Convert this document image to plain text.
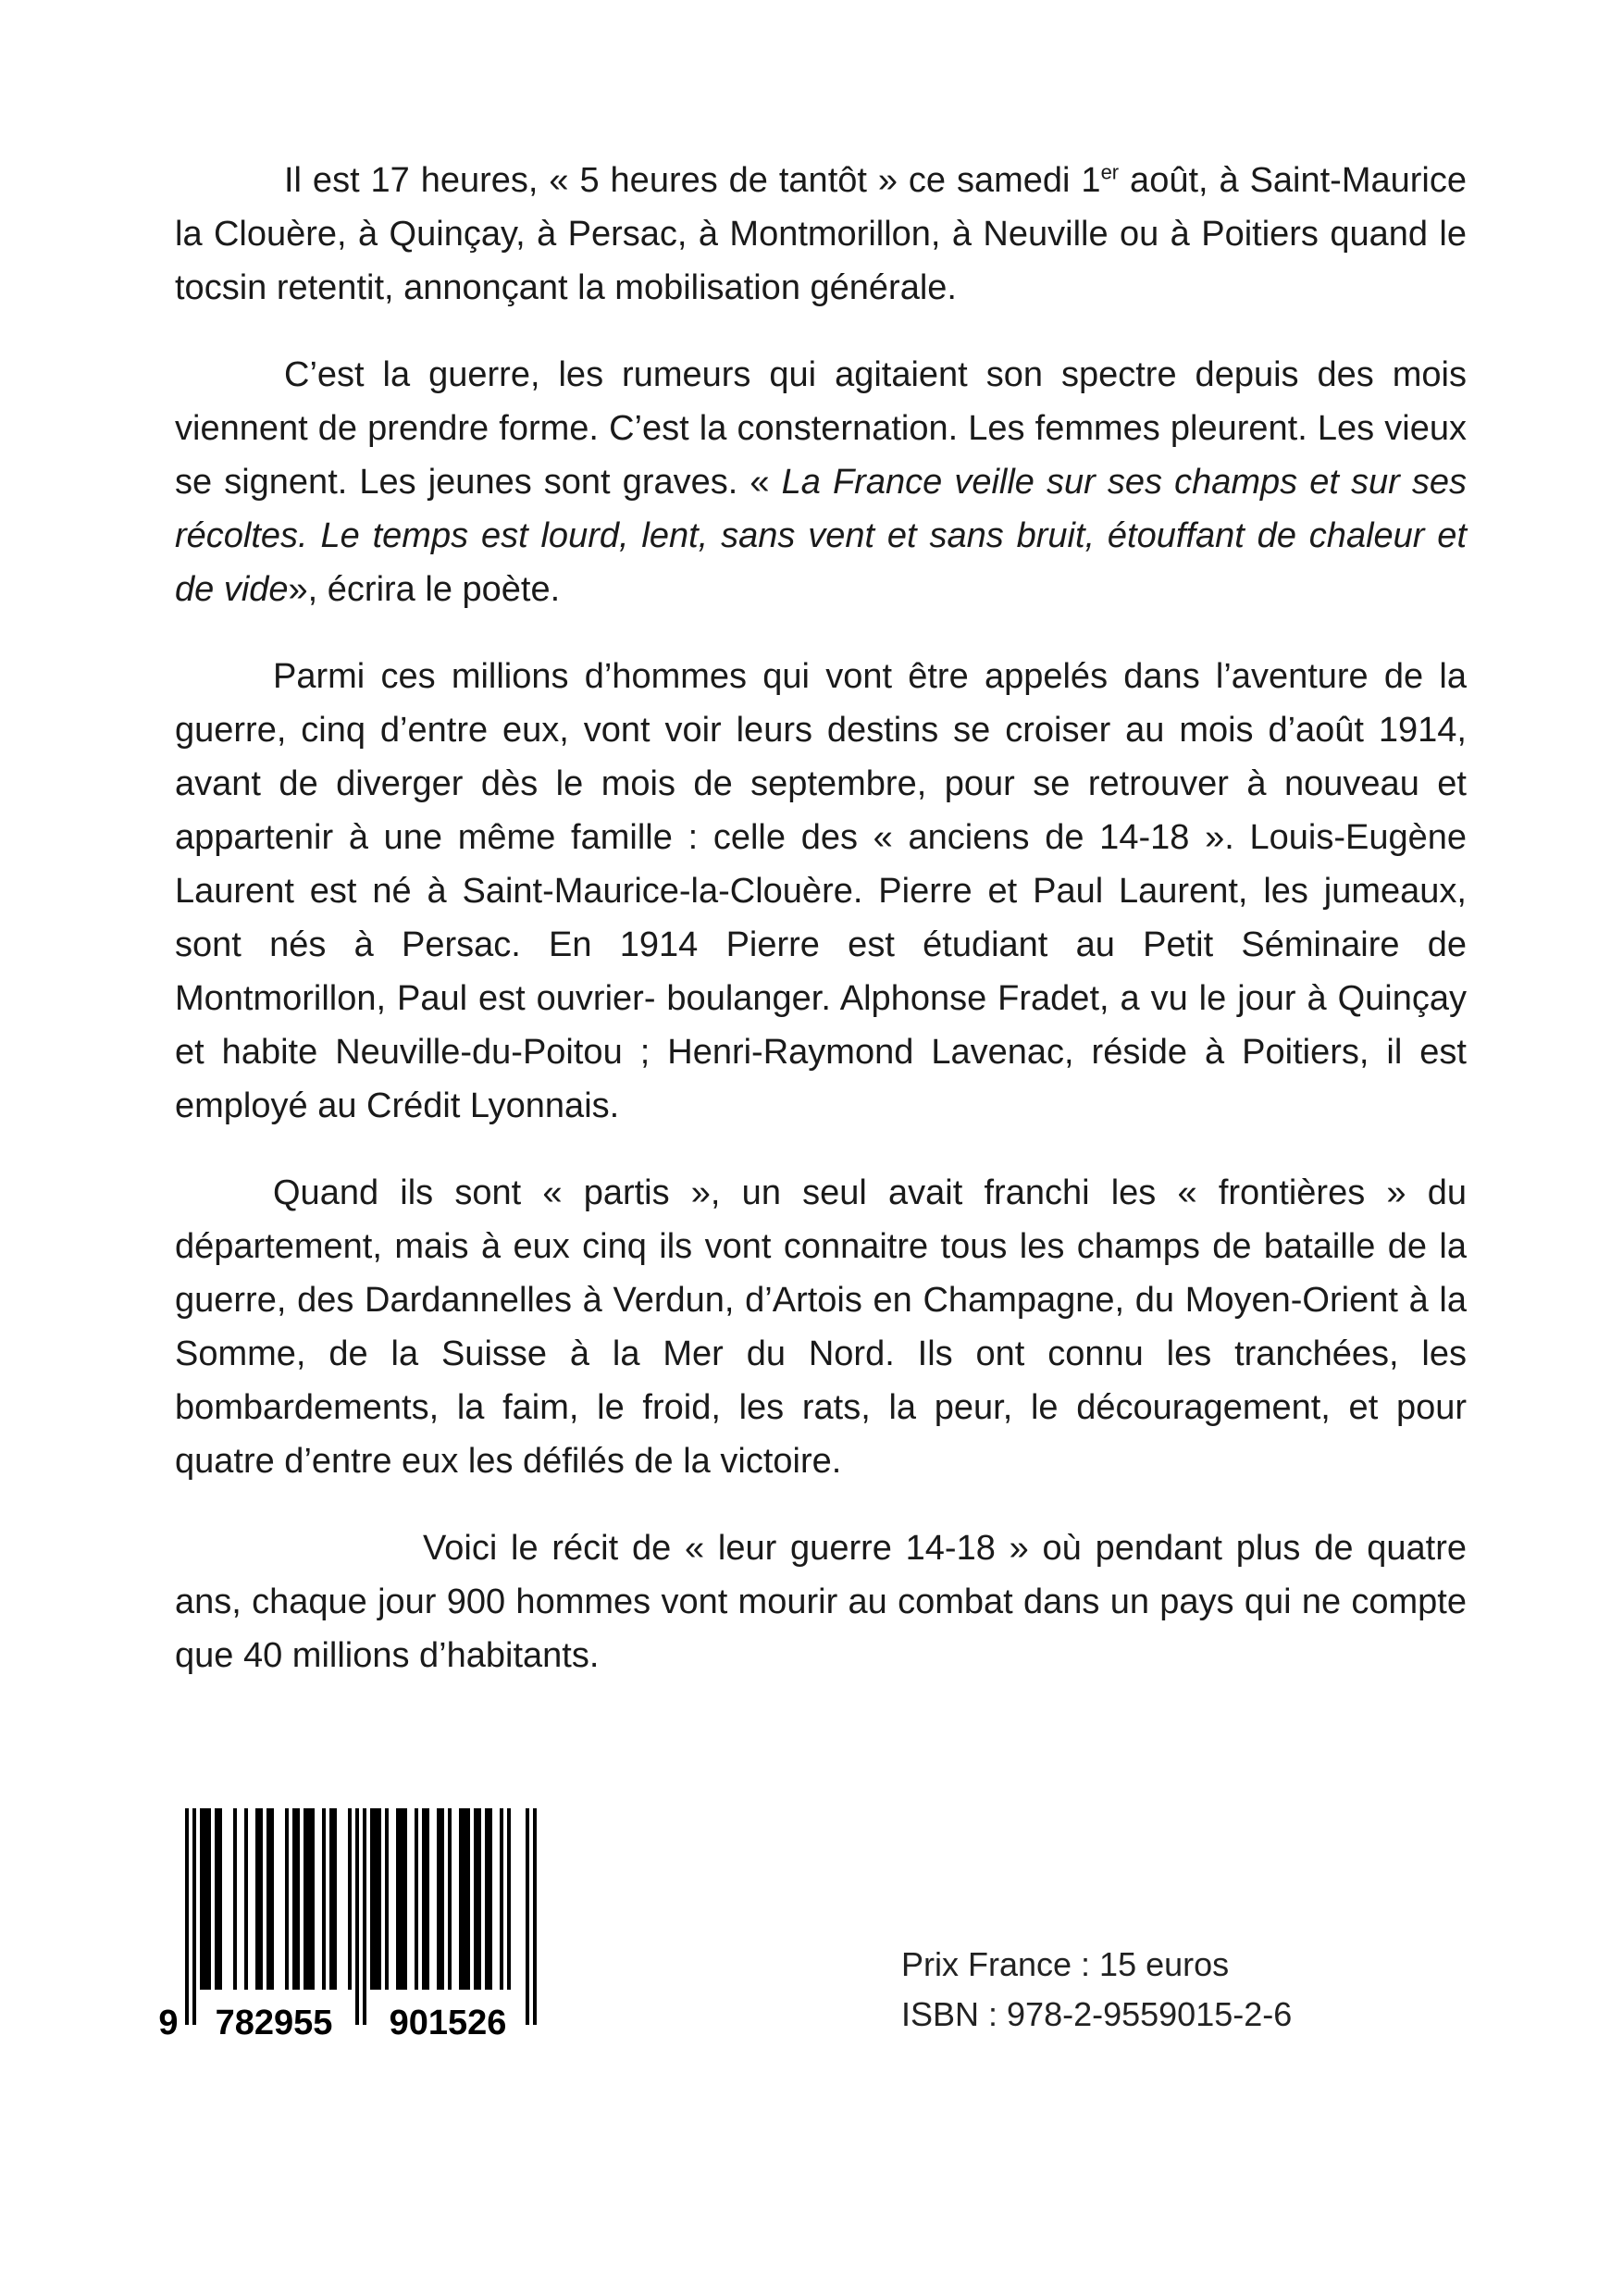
Il est 17 heures, « 5 heures de tantôt » ce samedi 1er août, à Saint-Maurice la Clouère, à Quinçay, à Persac, à Montmorillon, à Neuville ou à Poitiers quand le tocsin retentit, annonçant la mobilisation générale.

C’est la guerre, les rumeurs qui agitaient son spectre depuis des mois viennent de prendre forme. C’est la consternation. Les femmes pleurent. Les vieux se signent. Les jeunes sont graves. « La France veille sur ses champs et sur ses récoltes. Le temps est lourd, lent, sans vent et sans bruit, étouffant de chaleur et de vide», écrira le poète.

Parmi ces millions d’hommes qui vont être appelés dans l’aventure de la guerre, cinq d’entre eux, vont voir leurs destins se croiser au mois d’août 1914, avant de diverger dès le mois de septembre, pour se retrouver à nouveau et appartenir à une même famille : celle des « anciens de 14-18 ». Louis-Eugène Laurent est né à Saint-Maurice-la-Clouère. Pierre et Paul Laurent, les jumeaux, sont nés à Persac. En 1914 Pierre est étudiant au Petit Séminaire de Montmorillon, Paul est ouvrier- boulanger. Alphonse Fradet, a vu le jour à Quinçay et habite Neuville-du-Poitou ; Henri-Raymond Lavenac, réside à Poitiers, il est employé au Crédit Lyonnais.

Quand ils sont « partis », un seul avait franchi les « frontières » du département, mais à eux cinq ils vont connaitre tous les champs de bataille de la guerre, des Dardannelles à Verdun, d’Artois en Champagne, du Moyen-Orient à la Somme, de la Suisse à la Mer du Nord. Ils ont connu les tranchées, les bombardements, la faim, le froid, les rats, la peur, le découragement, et pour quatre d’entre eux les défilés de la victoire.

Voici le récit de « leur guerre 14-18 » où pendant plus de quatre ans, chaque jour 900 hommes vont mourir au combat dans un pays qui ne compte que 40 millions d’habitants.

9 782955 901526
Prix France : 15 euros
ISBN : 978-2-9559015-2-6
